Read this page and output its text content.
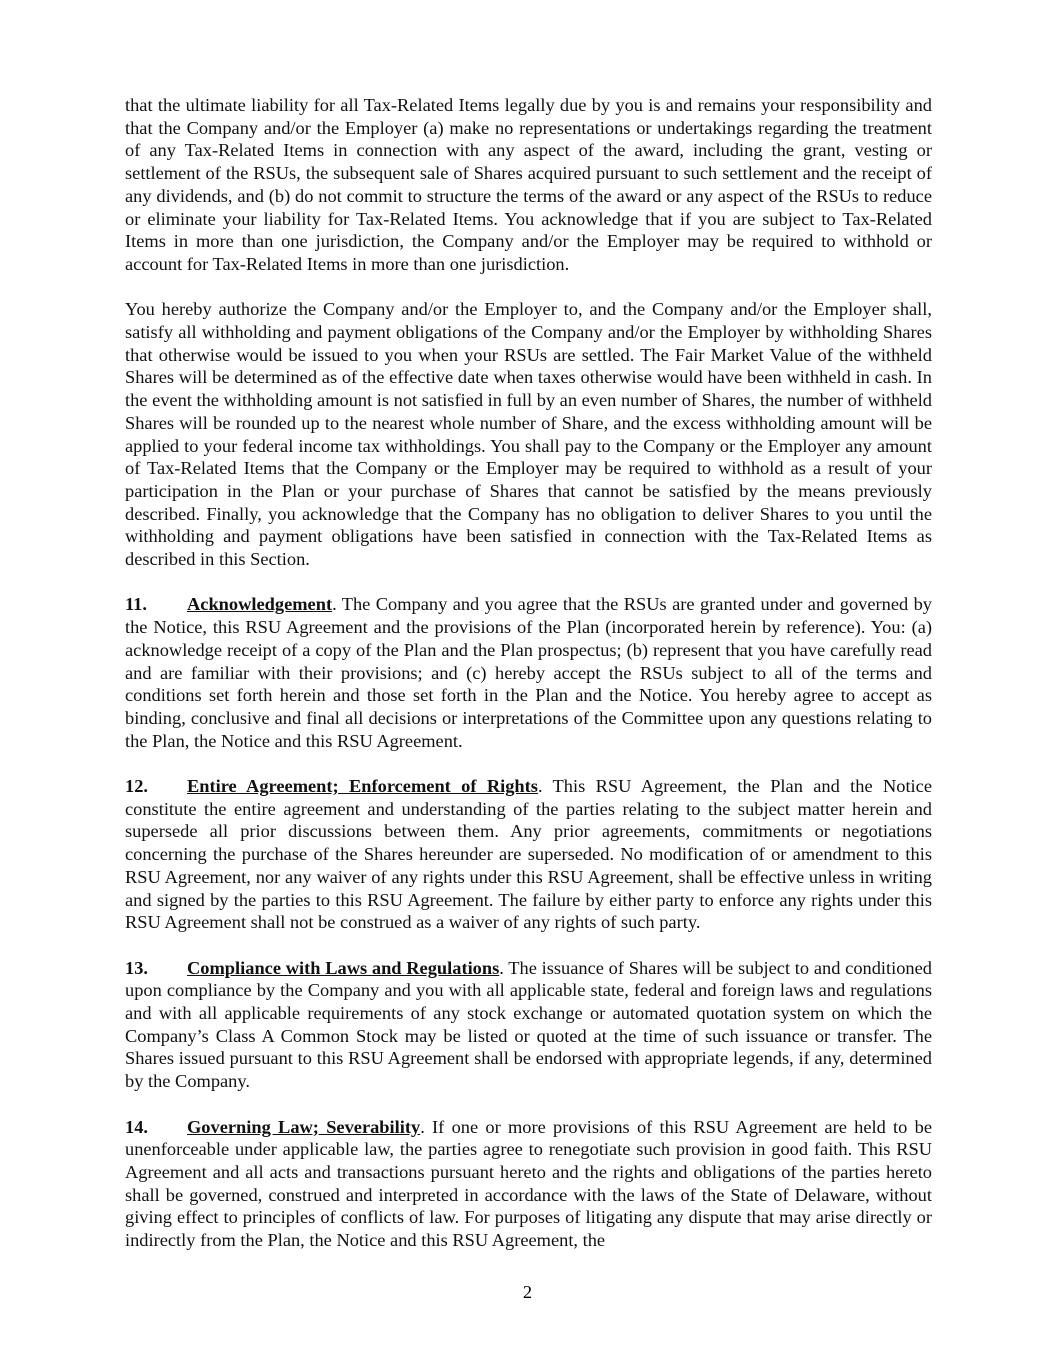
that the ultimate liability for all Tax-Related Items legally due by you is and remains your responsibility and that the Company and/or the Employer (a) make no representations or undertakings regarding the treatment of any Tax-Related Items in connection with any aspect of the award, including the grant, vesting or settlement of the RSUs, the subsequent sale of Shares acquired pursuant to such settlement and the receipt of any dividends, and (b) do not commit to structure the terms of the award or any aspect of the RSUs to reduce or eliminate your liability for Tax-Related Items. You acknowledge that if you are subject to Tax-Related Items in more than one jurisdiction, the Company and/or the Employer may be required to withhold or account for Tax-Related Items in more than one jurisdiction.

You hereby authorize the Company and/or the Employer to, and the Company and/or the Employer shall, satisfy all withholding and payment obligations of the Company and/or the Employer by withholding Shares that otherwise would be issued to you when your RSUs are settled. The Fair Market Value of the withheld Shares will be determined as of the effective date when taxes otherwise would have been withheld in cash. In the event the withholding amount is not satisfied in full by an even number of Shares, the number of withheld Shares will be rounded up to the nearest whole number of Share, and the excess withholding amount will be applied to your federal income tax withholdings. You shall pay to the Company or the Employer any amount of Tax-Related Items that the Company or the Employer may be required to withhold as a result of your participation in the Plan or your purchase of Shares that cannot be satisfied by the means previously described. Finally, you acknowledge that the Company has no obligation to deliver Shares to you until the withholding and payment obligations have been satisfied in connection with the Tax-Related Items as described in this Section.

11. Acknowledgement. The Company and you agree that the RSUs are granted under and governed by the Notice, this RSU Agreement and the provisions of the Plan (incorporated herein by reference). You: (a) acknowledge receipt of a copy of the Plan and the Plan prospectus; (b) represent that you have carefully read and are familiar with their provisions; and (c) hereby accept the RSUs subject to all of the terms and conditions set forth herein and those set forth in the Plan and the Notice. You hereby agree to accept as binding, conclusive and final all decisions or interpretations of the Committee upon any questions relating to the Plan, the Notice and this RSU Agreement.

12. Entire Agreement; Enforcement of Rights. This RSU Agreement, the Plan and the Notice constitute the entire agreement and understanding of the parties relating to the subject matter herein and supersede all prior discussions between them. Any prior agreements, commitments or negotiations concerning the purchase of the Shares hereunder are superseded. No modification of or amendment to this RSU Agreement, nor any waiver of any rights under this RSU Agreement, shall be effective unless in writing and signed by the parties to this RSU Agreement. The failure by either party to enforce any rights under this RSU Agreement shall not be construed as a waiver of any rights of such party.

13. Compliance with Laws and Regulations. The issuance of Shares will be subject to and conditioned upon compliance by the Company and you with all applicable state, federal and foreign laws and regulations and with all applicable requirements of any stock exchange or automated quotation system on which the Company’s Class A Common Stock may be listed or quoted at the time of such issuance or transfer. The Shares issued pursuant to this RSU Agreement shall be endorsed with appropriate legends, if any, determined by the Company.

14. Governing Law; Severability. If one or more provisions of this RSU Agreement are held to be unenforceable under applicable law, the parties agree to renegotiate such provision in good faith. This RSU Agreement and all acts and transactions pursuant hereto and the rights and obligations of the parties hereto shall be governed, construed and interpreted in accordance with the laws of the State of Delaware, without giving effect to principles of conflicts of law. For purposes of litigating any dispute that may arise directly or indirectly from the Plan, the Notice and this RSU Agreement, the

2
